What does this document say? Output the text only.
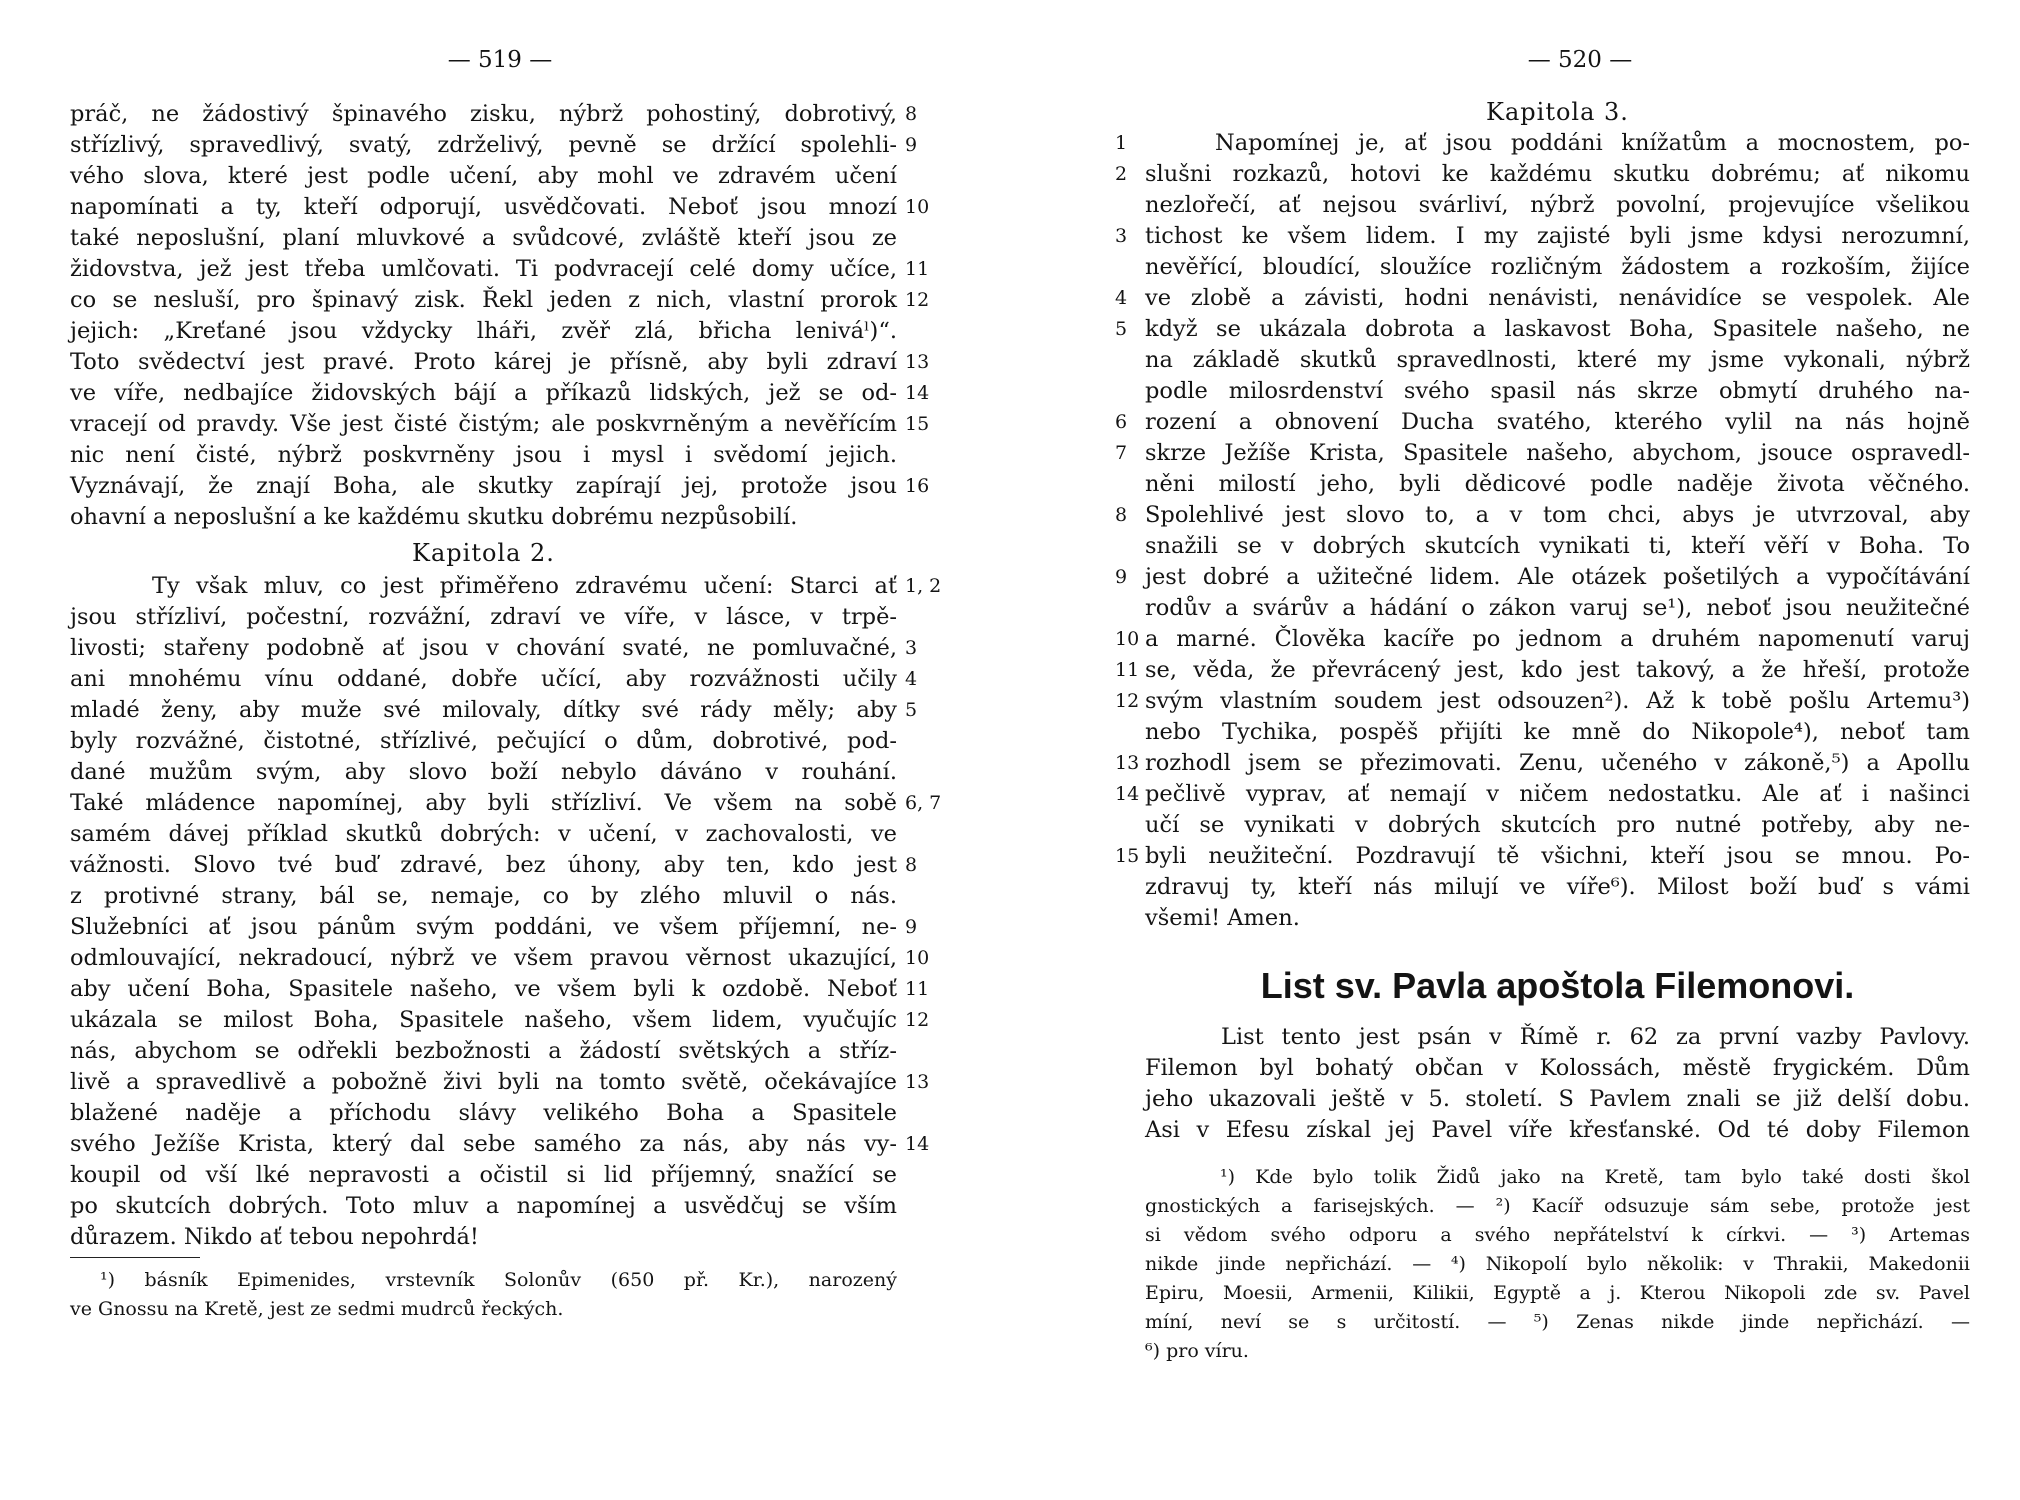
— 519 —
práč, ne žádostivý špinavého zisku, nýbrž pohostiný, dobrotivý, 8
střízlivý, spravedlivý, svatý, zdrželivý, pevně se držící spolehli- 9
vého slova, které jest podle učení, aby mohl ve zdravém učení
napomínati a ty, kteří odporují, usvědčovati. Neboť jsou mnozí 10
také neposlušní, planí mluvkové a svůdcové, zvláště kteří jsou ze
židovstva, jež jest třeba umlčovati. Ti podvracejí celé domy učíce, 11
co se nesluší, pro špinavý zisk. Řekl jeden z nich, vlastní prorok 12
jejich: „Kreťané jsou vždycky lháři, zvěř zlá, břicha leniváˡ)“.
Toto svědectví jest pravé. Proto kárej je přísně, aby byli zdraví 13
ve víře, nedbajíce židovských bájí a příkazů lidských, jež se od- 14
vracejí od pravdy. Vše jest čisté čistým; ale poskvrněným a nevěřícím 15
nic není čisté, nýbrž poskvrněny jsou i mysl i svědomí jejich.
Vyznávají, že znají Boha, ale skutky zapírají jej, protože jsou 16
ohavní a neposlušní a ke každému skutku dobrému nezpůsobilí.
Kapitola 2.
Ty však mluv, co jest přiměřeno zdravému učení: Starci ať 1, 2
jsou střízliví, počestní, rozvážní, zdraví ve víře, v lásce, v trpě-
livosti; stařeny podobně ať jsou v chování svaté, ne pomluvačné, 3
ani mnohému vínu oddané, dobře učící, aby rozvážnosti učily 4
mladé ženy, aby muže své milovaly, dítky své rády měly; aby 5
byly rozvážné, čistotné, střízlivé, pečující o dům, dobrotivé, pod-
dané mužům svým, aby slovo boží nebylo dáváno v rouhání.
Také mládence napomínej, aby byli střízliví. Ve všem na sobě 6, 7
samém dávej příklad skutků dobrých: v učení, v zachovalosti, ve
vážnosti. Slovo tvé buď zdravé, bez úhony, aby ten, kdo jest 8
z protivné strany, bál se, nemaje, co by zlého mluvil o nás.
Služebníci ať jsou pánům svým poddáni, ve všem příjemní, ne- 9
odmlouvající, nekradoucí, nýbrž ve všem pravou věrnost ukazující, 10
aby učení Boha, Spasitele našeho, ve všem byli k ozdobě. Neboť 11
ukázala se milost Boha, Spasitele našeho, všem lidem, vyučujíc 12
nás, abychom se odřekli bezbožnosti a žádostí světských a stříz-
livě a spravedlivě a pobožně živi byli na tomto světě, očekávajíce 13
blažené naděje a příchodu slávy velikého Boha a Spasitele
svého Ježíše Krista, který dal sebe samého za nás, aby nás vy- 14
koupil od vší lké nepravosti a očistil si lid příjemný, snažící se
po skutcích dobrých. Toto mluv a napomínej a usvědčuj se vším
důrazem. Nikdo ať tebou nepohrdá!
¹) básník Epimenides, vrstevník Solonův (650 př. Kr.), narozený
ve Gnossu na Kretě, jest ze sedmi mudrců řeckých.
— 520 —
Kapitola 3.
Napomínej je, ať jsou poddáni knížatům a mocnostem, po-
1
slušni rozkazů, hotovi ke každému skutku dobrému; ať nikomu
2
nezlořečí, ať nejsou svárliví, nýbrž povolní, projevujíce všelikou
tichost ke všem lidem. I my zajisté byli jsme kdysi nerozumní,
3
nevěřící, bloudící, sloužíce rozličným žádostem a rozkoším, žijíce
ve zlobě a závisti, hodni nenávisti, nenávidíce se vespolek. Ale
4
když se ukázala dobrota a laskavost Boha, Spasitele našeho, ne
5
na základě skutků spravedlnosti, které my jsme vykonali, nýbrž
podle milosrdenství svého spasil nás skrze obmytí druhého na-
rození a obnovení Ducha svatého, kterého vylil na nás hojně
6
skrze Ježíše Krista, Spasitele našeho, abychom, jsouce ospravedl-
7
něni milostí jeho, byli dědicové podle naděje života věčného.
Spolehlivé jest slovo to, a v tom chci, abys je utvrzoval, aby
8
snažili se v dobrých skutcích vynikati ti, kteří věří v Boha. To
jest dobré a užitečné lidem. Ale otázek pošetilých a vypočítávání
9
rodův a svárův a hádání o zákon varuj se¹), neboť jsou neužitečné
a marné. Člověka kacíře po jednom a druhém napomenutí varuj
10
se, věda, že převrácený jest, kdo jest takový, a že hřeší, protože
11
svým vlastním soudem jest odsouzen²). Až k tobě pošlu Artemu³)
12
nebo Tychika, pospěš přijíti ke mně do Nikopole⁴), neboť tam
rozhodl jsem se přezimovati. Zenu, učeného v zákoně,⁵) a Apollu
13
pečlivě vyprav, ať nemají v ničem nedostatku. Ale ať i našinci
14
učí se vynikati v dobrých skutcích pro nutné potřeby, aby ne-
byli neužiteční. Pozdravují tě všichni, kteří jsou se mnou. Po-
15
zdravuj ty, kteří nás milují ve víře⁶). Milost boží buď s vámi
všemi! Amen.
List sv. Pavla apoštola Filemonovi.
List tento jest psán v Římě r. 62 za první vazby Pavlovy.
Filemon byl bohatý občan v Kolossách, městě frygickém. Dům
jeho ukazovali ještě v 5. století. S Pavlem znali se již delší dobu.
Asi v Efesu získal jej Pavel víře křesťanské. Od té doby Filemon
¹) Kde bylo tolik Židů jako na Kretě, tam bylo také dosti škol
gnostických a farisejských. — ²) Kacíř odsuzuje sám sebe, protože jest
si vědom svého odporu a svého nepřátelství k církvi. — ³) Artemas
nikde jinde nepřichází. — ⁴) Nikopolí bylo několik: v Thrakii, Makedonii
Epiru, Moesii, Armenii, Kilikii, Egyptě a j. Kterou Nikopoli zde sv. Pavel
míní, neví se s určitostí. — ⁵) Zenas nikde jinde nepřichází. —
⁶) pro víru.
